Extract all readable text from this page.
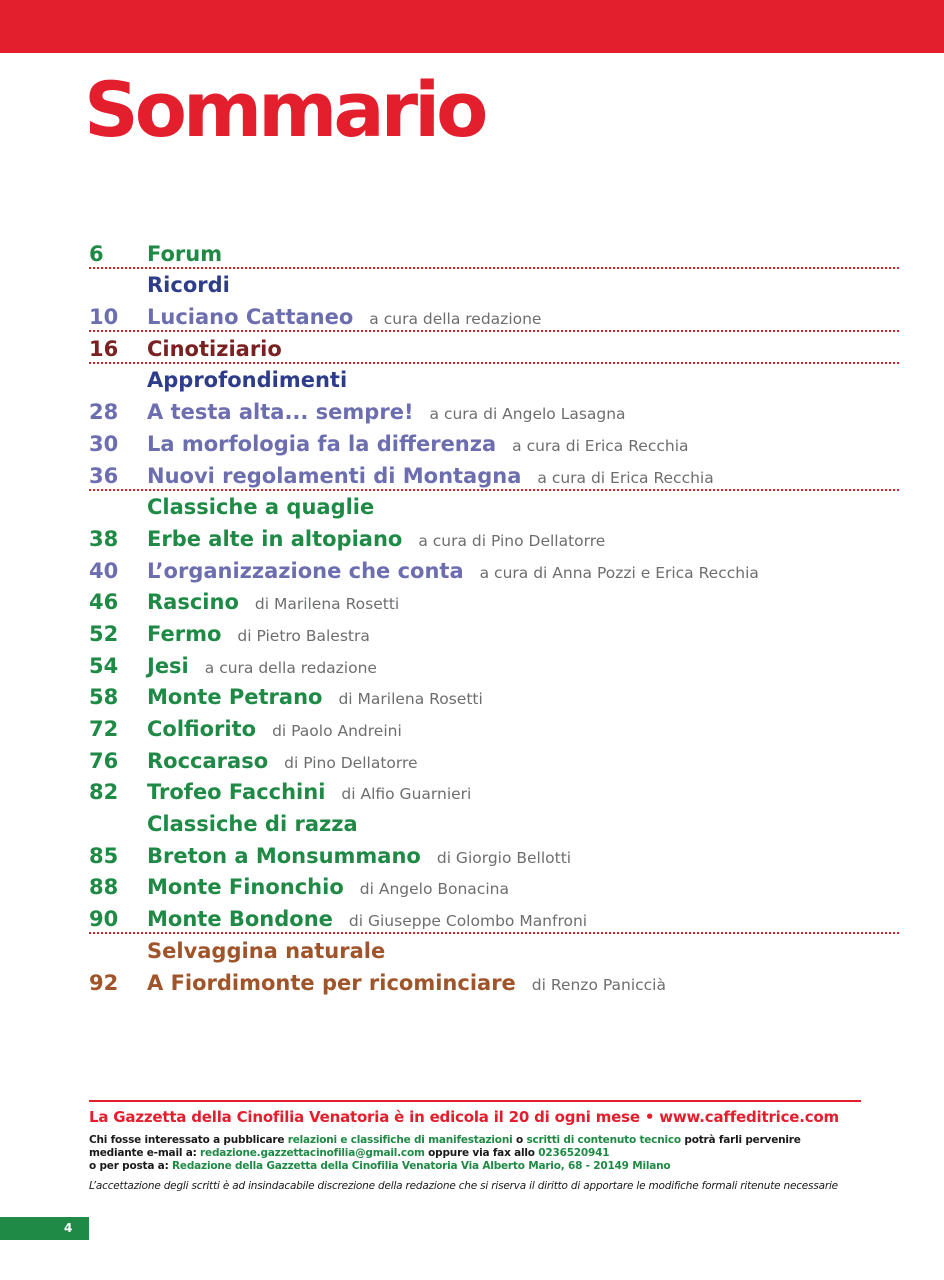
Sommario
6 Forum
Ricordi
10 Luciano Cattaneo a cura della redazione
16 Cinotiziario
Approfondimenti
28 A testa alta... sempre! a cura di Angelo Lasagna
30 La morfologia fa la differenza a cura di Erica Recchia
36 Nuovi regolamenti di Montagna a cura di Erica Recchia
Classiche a quaglie
38 Erbe alte in altopiano a cura di Pino Dellatorre
40 L’organizzazione che conta a cura di Anna Pozzi e Erica Recchia
46 Rascino di Marilena Rosetti
52 Fermo di Pietro Balestra
54 Jesi a cura della redazione
58 Monte Petrano di Marilena Rosetti
72 Colfiorito di Paolo Andreini
76 Roccaraso di Pino Dellatorre
82 Trofeo Facchini di Alfio Guarnieri
Classiche di razza
85 Breton a Monsummano di Giorgio Bellotti
88 Monte Finonchio di Angelo Bonacina
90 Monte Bondone di Giuseppe Colombo Manfroni
Selvaggina naturale
92 A Fiordimonte per ricominciare di Renzo Paniccià
La Gazzetta della Cinofilia Venatoria è in edicola il 20 di ogni mese • www.caffeditrice.com
Chi fosse interessato a pubblicare relazioni e classifiche di manifestazioni o scritti di contenuto tecnico potrà farli pervenire
mediante e-mail a: redazione.gazzettacinofilia@gmail.com oppure via fax allo 0236520941
o per posta a: Redazione della Gazzetta della Cinofilia Venatoria Via Alberto Mario, 68 - 20149 Milano
L’accettazione degli scritti è ad insindacabile discrezione della redazione che si riserva il diritto di apportare le modifiche formali ritenute necessarie
4
